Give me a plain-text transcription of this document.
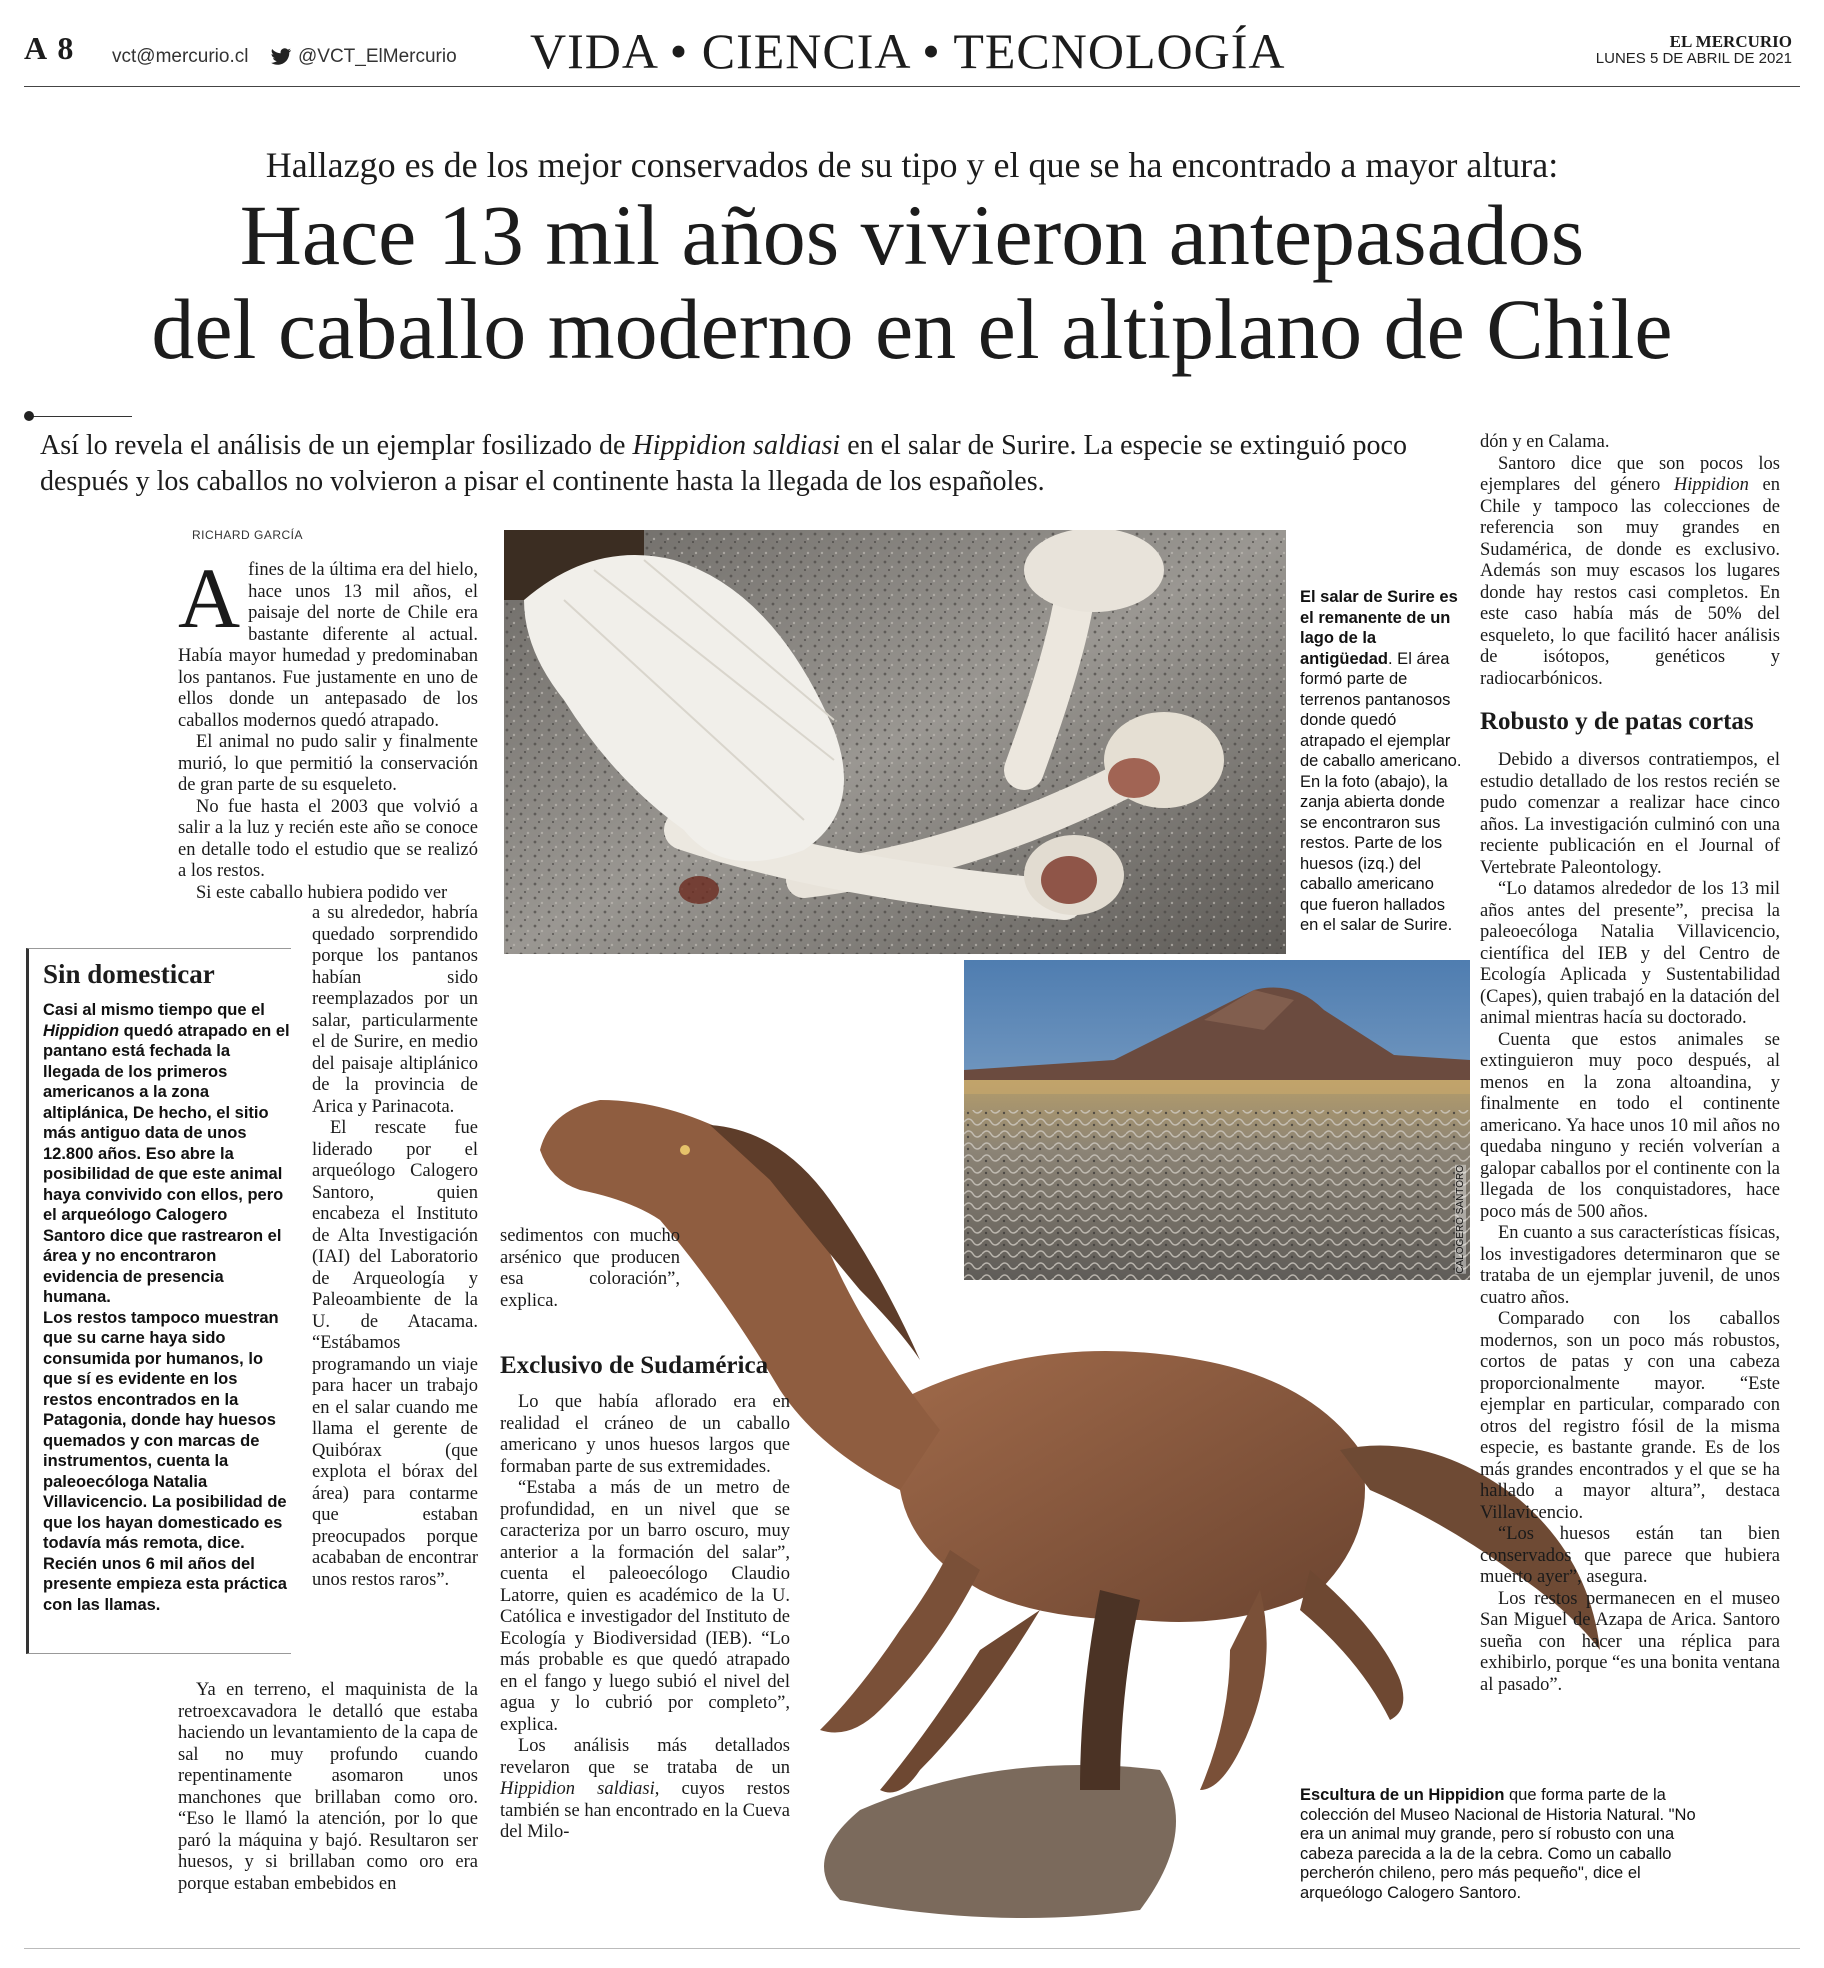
A 8 vct@mercurio.cl	@VCT_ElMercurio VIDA • CIENCIA • TECNOLOGÍA	EL MERCURIO
LUNES 5 DE ABRIL DE 2021
Hallazgo es de los mejor conservados de su tipo y el que se ha encontrado a mayor altura:
Hace 13 mil años vivieron antepasados
del caballo moderno en el altiplano de Chile
Así lo revela el análisis de un ejemplar fosilizado de Hippidion saldiasi en el salar de Surire. La especie se extinguió poco después y los caballos no volvieron a pisar el continente hasta la llegada de los españoles.
RICHARD GARCÍA
El salar de Surire es el remanente de un lago de la antigüedad. El área formó parte de terrenos pantanosos donde quedó atrapado el ejemplar de caballo americano. En la foto (abajo), la zanja abierta donde se encontraron sus restos. Parte de los huesos (izq.) del caballo americano que fueron hallados en el salar de Surire.
CALOGERO SANTORO
Escultura de un Hippidion que forma parte de la colección del Museo Nacional de Historia Natural. "No era un animal muy grande, pero sí robusto con una cabeza parecida a la de la cebra. Como un caballo percherón chileno, pero más pequeño", dice el arqueólogo Calogero Santoro.
Sin domesticar
Casi al mismo tiempo que el Hippidion quedó atrapado en el pantano está fechada la llegada de los primeros americanos a la zona altiplánica, De hecho, el sitio más antiguo data de unos 12.800 años. Eso abre la posibilidad de que este animal haya convivido con ellos, pero el arqueólogo Calogero Santoro dice que rastrearon el área y no encontraron evidencia de presencia humana.
Los restos tampoco muestran que su carne haya sido consumida por humanos, lo que sí es evidente en los restos encontrados en la Patagonia, donde hay huesos quemados y con marcas de instrumentos, cuenta la paleoecóloga Natalia Villavicencio. La posibilidad de que los hayan domesticado es todavía más remota, dice. Recién unos 6 mil años del presente empieza esta práctica con las llamas.

Afines de la última era del hielo, hace unos 13 mil años, el paisaje del norte de Chile era bastante diferente al actual. Había mayor humedad y predominaban los pantanos. Fue justamente en uno de ellos donde un antepasado de los caballos modernos quedó atrapado.

El animal no pudo salir y finalmente murió, lo que permitió la conservación de gran parte de su esqueleto.

No fue hasta el 2003 que volvió a salir a la luz y recién este año se conoce en detalle todo el estudio que se realizó a los restos.

Si este caballo hubiera podido ver

a su alrededor, habría quedado sorprendido porque los pantanos habían sido reemplazados por un salar, particularmente el de Surire, en medio del paisaje altiplánico de la provincia de Arica y Parinacota.

El rescate fue liderado por el arqueólogo Calogero Santoro, quien encabeza el Instituto de Alta Investigación (IAI) del Laboratorio de Arqueología y Paleoambiente de la U. de Atacama. “Estábamos programando un viaje para hacer un trabajo en el salar cuando me llama el gerente de Quibórax (que explota el bórax del área) para contarme que estaban preocupados porque acababan de encontrar unos restos raros”.

Ya en terreno, el maquinista de la retroexcavadora le detalló que estaba haciendo un levantamiento de la capa de sal no muy profundo cuando repentinamente asomaron unos manchones que brillaban como oro. “Eso le llamó la atención, por lo que paró la máquina y bajó. Resultaron ser huesos, y si brillaban como oro era porque estaban embebidos en

sedimentos con mucho arsénico que producen esa coloración”, explica.

Exclusivo de Sudamérica

Lo que había aflorado era en realidad el cráneo de un caballo americano y unos huesos largos que formaban parte de sus extremidades.

“Estaba a más de un metro de profundidad, en un nivel que se caracteriza por un barro oscuro, muy anterior a la formación del salar”, cuenta el paleoecólogo Claudio Latorre, quien es académico de la U. Católica e investigador del Instituto de Ecología y Biodiversidad (IEB). “Lo más probable es que quedó atrapado en el fango y luego subió el nivel del agua y lo cubrió por completo”, explica.

Los análisis más detallados revelaron que se trataba de un Hippidion saldiasi, cuyos restos también se han encontrado en la Cueva del Milo-

dón y en Calama.

Santoro dice que son pocos los ejemplares del género Hippidion en Chile y tampoco las colecciones de referencia son muy grandes en Sudamérica, de donde es exclusivo. Además son muy escasos los lugares donde hay restos casi completos. En este caso había más de 50% del esqueleto, lo que facilitó hacer análisis de isótopos, genéticos y radiocarbónicos.

Robusto y de patas cortas

Debido a diversos contratiempos, el estudio detallado de los restos recién se pudo comenzar a realizar hace cinco años. La investigación culminó con una reciente publicación en el Journal of Vertebrate Paleontology.

“Lo datamos alrededor de los 13 mil años antes del presente”, precisa la paleoecóloga Natalia Villavicencio, científica del IEB y del Centro de Ecología Aplicada y Sustentabilidad (Capes), quien trabajó en la datación del animal mientras hacía su doctorado.

Cuenta que estos animales se extinguieron muy poco después, al menos en la zona altoandina, y finalmente en todo el continente americano. Ya hace unos 10 mil años no quedaba ninguno y recién volverían a galopar caballos por el continente con la llegada de los conquistadores, hace poco más de 500 años.

En cuanto a sus características físicas, los investigadores determinaron que se trataba de un ejemplar juvenil, de unos cuatro años.

Comparado con los caballos modernos, son un poco más robustos, cortos de patas y con una cabeza proporcionalmente mayor. “Este ejemplar en particular, comparado con otros del registro fósil de la misma especie, es bastante grande. Es de los más grandes encontrados y el que se ha hallado a mayor altura”, destaca Villavicencio.

“Los huesos están tan bien conservados que parece que hubiera muerto ayer”, asegura.

Los restos permanecen en el museo San Miguel de Azapa de Arica. Santoro sueña con hacer una réplica para exhibirlo, porque “es una bonita ventana al pasado”.
